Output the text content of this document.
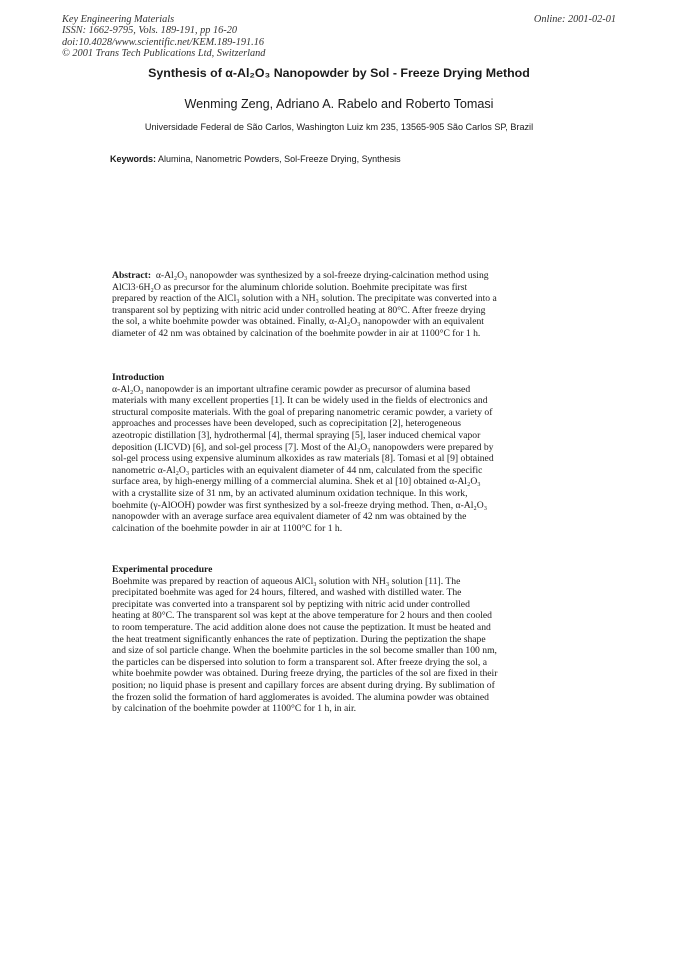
Key Engineering Materials
ISSN: 1662-9795, Vols. 189-191, pp 16-20
doi:10.4028/www.scientific.net/KEM.189-191.16
© 2001 Trans Tech Publications Ltd, Switzerland
Online: 2001-02-01
Synthesis of α-Al₂O₃ Nanopowder by Sol - Freeze Drying Method
Wenming Zeng, Adriano A. Rabelo and Roberto Tomasi
Universidade Federal de São Carlos, Washington Luiz km 235, 13565-905 São Carlos SP, Brazil
Keywords: Alumina, Nanometric Powders, Sol-Freeze Drying, Synthesis
Abstract: α-Al₂O₃ nanopowder was synthesized by a sol-freeze drying-calcination method using
AlCl3·6H₂O as precursor for the aluminum chloride solution. Boehmite precipitate was first
prepared by reaction of the AlCl₃ solution with a NH₃ solution. The precipitate was converted into a
transparent sol by peptizing with nitric acid under controlled heating at 80°C. After freeze drying
the sol, a white boehmite powder was obtained. Finally, α-Al₂O₃ nanopowder with an equivalent
diameter of 42 nm was obtained by calcination of the boehmite powder in air at 1100°C for 1 h.
Introduction
α-Al₂O₃ nanopowder is an important ultrafine ceramic powder as precursor of alumina based
materials with many excellent properties [1]. It can be widely used in the fields of electronics and
structural composite materials. With the goal of preparing nanometric ceramic powder, a variety of
approaches and processes have been developed, such as coprecipitation [2], heterogeneous
azeotropic distillation [3], hydrothermal [4], thermal spraying [5], laser induced chemical vapor
deposition (LICVD) [6], and sol-gel process [7]. Most of the Al₂O₃ nanopowders were prepared by
sol-gel process using expensive aluminum alkoxides as raw materials [8]. Tomasi et al [9] obtained
nanometric α-Al₂O₃ particles with an equivalent diameter of 44 nm, calculated from the specific
surface area, by high-energy milling of a commercial alumina. Shek et al [10] obtained α-Al₂O₃
with a crystallite size of 31 nm, by an activated aluminum oxidation technique. In this work,
boehmite (γ-AlOOH) powder was first synthesized by a sol-freeze drying method. Then, α-Al₂O₃
nanopowder with an average surface area equivalent diameter of 42 nm was obtained by the
calcination of the boehmite powder in air at 1100°C for 1 h.
Experimental procedure
Boehmite was prepared by reaction of aqueous AlCl₃ solution with NH₃ solution [11]. The
precipitated boehmite was aged for 24 hours, filtered, and washed with distilled water. The
precipitate was converted into a transparent sol by peptizing with nitric acid under controlled
heating at 80°C. The transparent sol was kept at the above temperature for 2 hours and then cooled
to room temperature. The acid addition alone does not cause the peptization. It must be heated and
the heat treatment significantly enhances the rate of peptization. During the peptization the shape
and size of sol particle change. When the boehmite particles in the sol become smaller than 100 nm,
the particles can be dispersed into solution to form a transparent sol. After freeze drying the sol, a
white boehmite powder was obtained. During freeze drying, the particles of the sol are fixed in their
position; no liquid phase is present and capillary forces are absent during drying. By sublimation of
the frozen solid the formation of hard agglomerates is avoided. The alumina powder was obtained
by calcination of the boehmite powder at 1100°C for 1 h, in air.
